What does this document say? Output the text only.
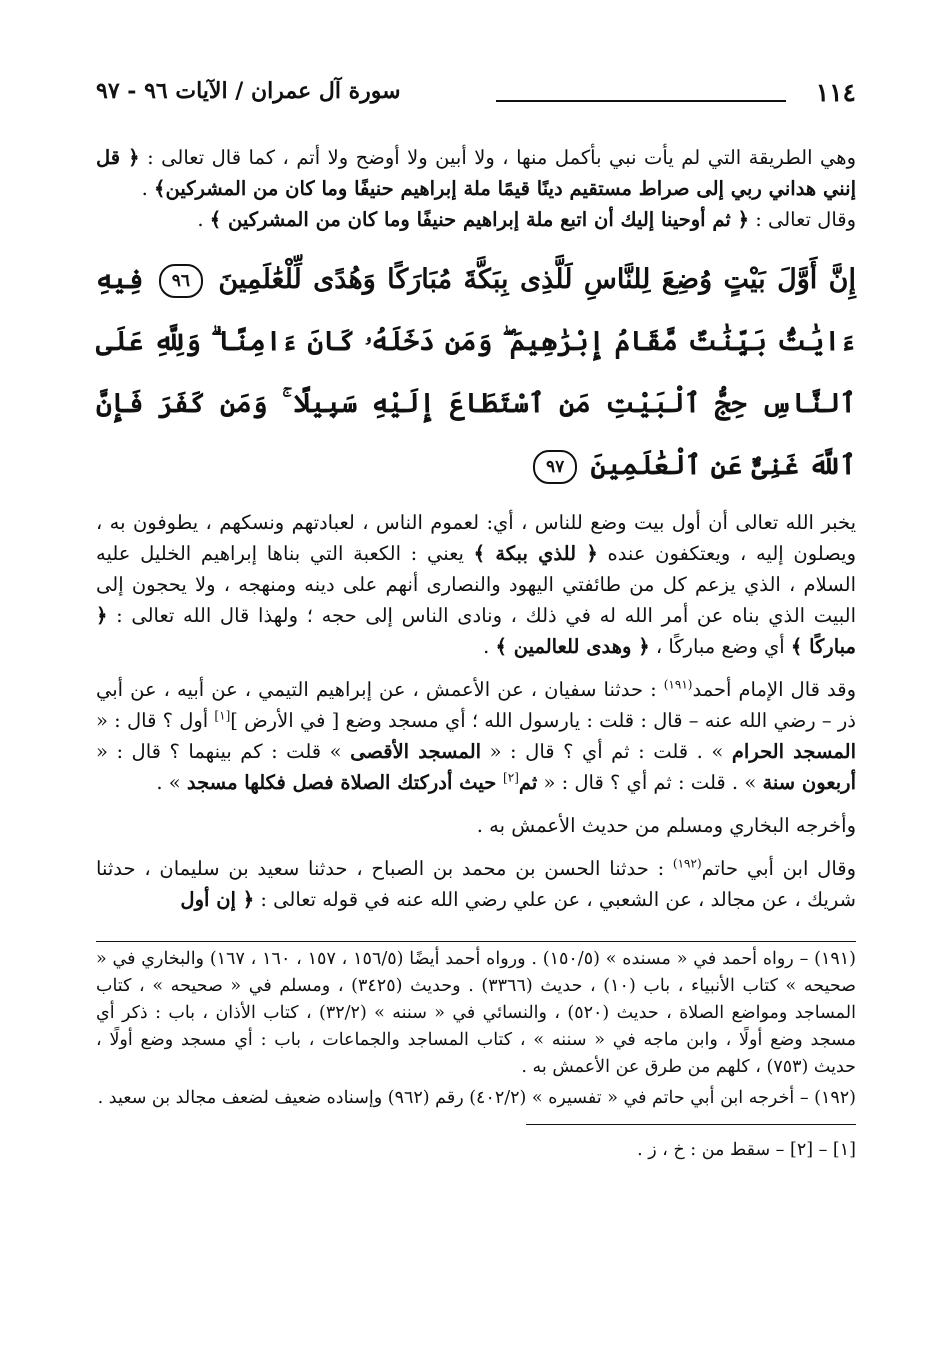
١١٤
سورة آل عمران / الآيات ٩٦ - ٩٧

وهي الطريقة التي لم يأت نبي بأكمل منها ، ولا أبين ولا أوضح ولا أتم ، كما قال تعالى : ﴿ قل إنني هداني ربي إلى صراط مستقيم دينًا قيمًا ملة إبراهيم حنيفًا وما كان من المشركين﴾ .

وقال تعالى : ﴿ ثم أوحينا إليك أن اتبع ملة إبراهيم حنيفًا وما كان من المشركين ﴾ .

إِنَّ أَوَّلَ بَيْتٍ وُضِعَ لِلنَّاسِ لَلَّذِى بِبَكَّةَ مُبَارَكًا وَهُدًى لِّلْعَٰلَمِينَ ٩٦ فِيهِ ءَايَٰتٌۢ بَيِّنَٰتٌ مَّقَامُ إِبْرَٰهِيمَ ۖ وَمَن دَخَلَهُۥ كَانَ ءَامِنًا ۗ وَلِلَّهِ عَلَى ٱلنَّاسِ حِجُّ ٱلْبَيْتِ مَنِ ٱسْتَطَاعَ إِلَيْهِ سَبِيلًا ۚ وَمَن كَفَرَ فَإِنَّ ٱللَّهَ غَنِىٌّ عَنِ ٱلْعَٰلَمِينَ ٩٧

يخبر الله تعالى أن أول بيت وضع للناس ، أي: لعموم الناس ، لعبادتهم ونسكهم ، يطوفون به ، ويصلون إليه ، ويعتكفون عنده ﴿ للذي ببكة ﴾ يعني : الكعبة التي بناها إبراهيم الخليل عليه السلام ، الذي يزعم كل من طائفتي اليهود والنصارى أنهم على دينه ومنهجه ، ولا يحجون إلى البيت الذي بناه عن أمر الله له في ذلك ، ونادى الناس إلى حجه ؛ ولهذا قال الله تعالى : ﴿ مباركًا ﴾ أي وضع مباركًا ، ﴿ وهدى للعالمين ﴾ .

وقد قال الإمام أحمد$^{(١٩١)}$ : حدثنا سفيان ، عن الأعمش ، عن إبراهيم التيمي ، عن أبيه ، عن أبي ذر – رضي الله عنه – قال : قلت : يارسول الله ؛ أي مسجد وضع [ في الأرض ][١] أول ؟ قال : « المسجد الحرام » . قلت : ثم أي ؟ قال : « المسجد الأقصى » قلت : كم بينهما ؟ قال : « أربعون سنة » . قلت : ثم أي ؟ قال : « ثم[٢] حيث أدركتك الصلاة فصل فكلها مسجد » .

وأخرجه البخاري ومسلم من حديث الأعمش به .

وقال ابن أبي حاتم$^{(١٩٢)}$ : حدثنا الحسن بن محمد بن الصباح ، حدثنا سعيد بن سليمان ، حدثنا شريك ، عن مجالد ، عن الشعبي ، عن علي رضي الله عنه في قوله تعالى : ﴿ إن أول

(١٩١) – رواه أحمد في « مسنده » (١٥٠/٥) . ورواه أحمد أيضًا (١٥٦/٥ ، ١٥٧ ، ١٦٠ ، ١٦٧) والبخاري في « صحيحه » كتاب الأنبياء ، باب (١٠) ، حديث (٣٣٦٦) . وحديث (٣٤٢٥) ، ومسلم في « صحيحه » ، كتاب المساجد ومواضع الصلاة ، حديث (٥٢٠) ، والنسائي في « سننه » (٣٢/٢) ، كتاب الأذان ، باب : ذكر أي مسجد وضع أولًا ، وابن ماجه في « سننه » ، كتاب المساجد والجماعات ، باب : أي مسجد وضع أولًا ، حديث (٧٥٣) ، كلهم من طرق عن الأعمش به .

(١٩٢) – أخرجه ابن أبي حاتم في « تفسيره » (٤٠٢/٢) رقم (٩٦٢) وإسناده ضعيف لضعف مجالد بن سعيد .

[١] – [٢] – سقط من : خ ، ز .
